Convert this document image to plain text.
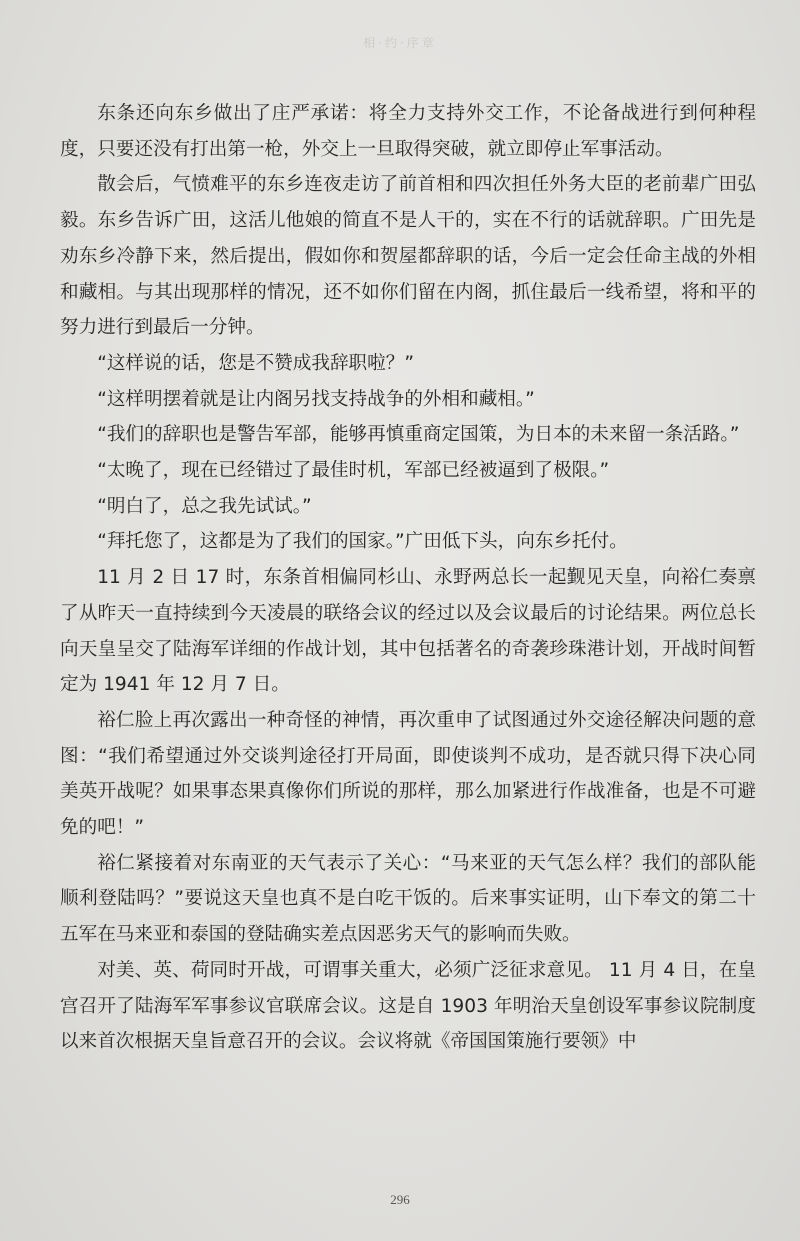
相·约·序章

东条还向东乡做出了庄严承诺：将全力支持外交工作，不论备战进行到何种程度，只要还没有打出第一枪，外交上一旦取得突破，就立即停止军事活动。

散会后，气愤难平的东乡连夜走访了前首相和四次担任外务大臣的老前辈广田弘毅。东乡告诉广田，这活儿他娘的简直不是人干的，实在不行的话就辞职。广田先是劝东乡冷静下来，然后提出，假如你和贺屋都辞职的话，今后一定会任命主战的外相和藏相。与其出现那样的情况，还不如你们留在内阁，抓住最后一线希望，将和平的努力进行到最后一分钟。

“这样说的话，您是不赞成我辞职啦？”

“这样明摆着就是让内阁另找支持战争的外相和藏相。”

“我们的辞职也是警告军部，能够再慎重商定国策，为日本的未来留一条活路。”

“太晚了，现在已经错过了最佳时机，军部已经被逼到了极限。”

“明白了，总之我先试试。”

“拜托您了，这都是为了我们的国家。”广田低下头，向东乡托付。

11 月 2 日 17 时，东条首相偏同杉山、永野两总长一起觐见天皇，向裕仁奏禀了从昨天一直持续到今天凌晨的联络会议的经过以及会议最后的讨论结果。两位总长向天皇呈交了陆海军详细的作战计划，其中包括著名的奇袭珍珠港计划，开战时间暂定为 1941 年 12 月 7 日。

裕仁脸上再次露出一种奇怪的神情，再次重申了试图通过外交途径解决问题的意图：“我们希望通过外交谈判途径打开局面，即使谈判不成功，是否就只得下决心同美英开战呢？如果事态果真像你们所说的那样，那么加紧进行作战准备，也是不可避免的吧！”

裕仁紧接着对东南亚的天气表示了关心：“马来亚的天气怎么样？我们的部队能顺利登陆吗？”要说这天皇也真不是白吃干饭的。后来事实证明，山下奉文的第二十五军在马来亚和泰国的登陆确实差点因恶劣天气的影响而失败。

对美、英、荷同时开战，可谓事关重大，必须广泛征求意见。 11 月 4 日，在皇宫召开了陆海军军事参议官联席会议。这是自 1903 年明治天皇创设军事参议院制度以来首次根据天皇旨意召开的会议。会议将就《帝国国策施行要领》中

296
